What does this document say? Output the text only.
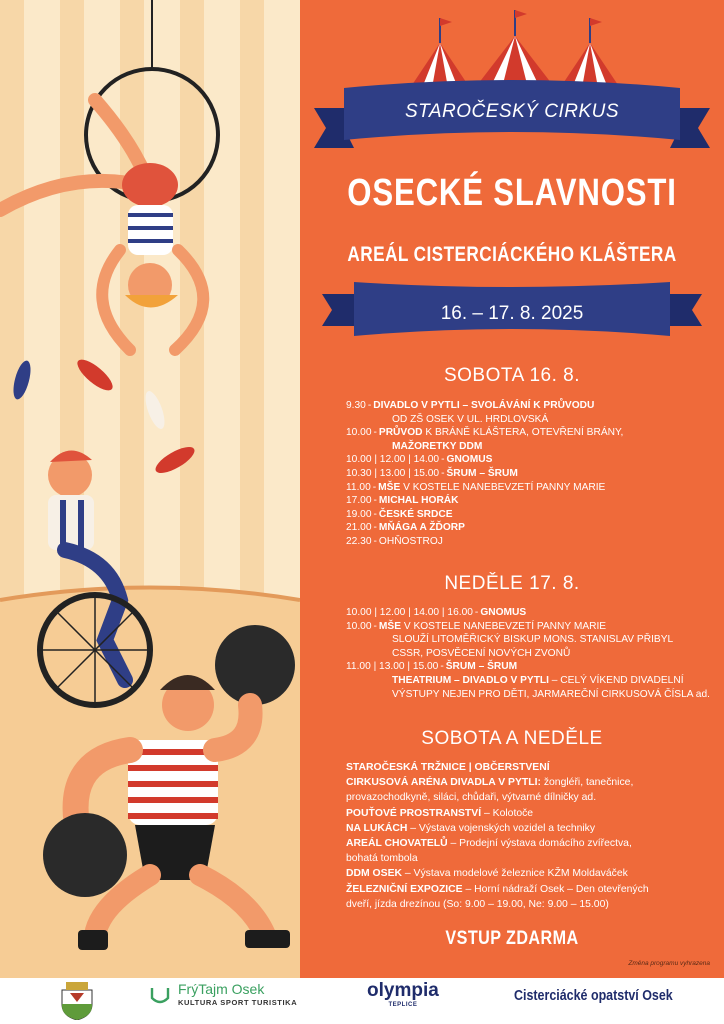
STAROČESKÝ CIRKUS
OSECKÉ SLAVNOSTI
AREÁL CISTERCIÁCKÉHO KLÁŠTERA
16. – 17. 8. 2025
SOBOTA 16. 8.
9.30 - DIVADLO V PYTLI – SVOLÁVÁNÍ K PRŮVODU
OD ZŠ OSEK V UL. HRDLOVSKÁ
10.00 - PRŮVOD K BRÁNĚ KLÁŠTERA, OTEVŘENÍ BRÁNY,
MAŽORETKY DDM
10.00 | 12.00 | 14.00 - GNOMUS
10.30 | 13.00 | 15.00 - ŠRUM – ŠRUM
11.00 - MŠE V KOSTELE NANEBEVZETÍ PANNY MARIE
17.00 - MICHAL HORÁK
19.00 - ČESKÉ SRDCE
21.00 - MŇÁGA A ŽĎORP
22.30 - OHŇOSTROJ
NEDĚLE 17. 8.
10.00 | 12.00 | 14.00 | 16.00 - GNOMUS
10.00 - MŠE V KOSTELE NANEBEVZETÍ PANNY MARIE
SLOUŽÍ LITOMĚŘICKÝ BISKUP MONS. STANISLAV PŘIBYL
CSSR, POSVĚCENÍ NOVÝCH ZVONŮ
11.00 | 13.00 | 15.00 - ŠRUM – ŠRUM
THEATRIUM – DIVADLO V PYTLI – CELÝ VÍKEND DIVADELNÍ
VÝSTUPY NEJEN PRO DĚTI, JARMAREČNÍ CIRKUSOVÁ ČÍSLA ad.
SOBOTA A NEDĚLE
STAROČESKÁ TRŽNICE | OBČERSTVENÍ
CIRKUSOVÁ ARÉNA DIVADLA V PYTLI: žongléři, tanečnice,
provazochodkyně, siláci, chůdaři, výtvarné dílničky ad.
POUŤOVÉ PROSTRANSTVÍ – Kolotoče
NA LUKÁCH – Výstava vojenských vozidel a techniky
AREÁL CHOVATELŮ – Prodejní výstava domácího zvířectva,
bohatá tombola
DDM OSEK – Výstava modelové železnice KŽM Moldaváček
ŽELEZNIČNÍ EXPOZICE – Horní nádraží Osek – Den otevřených
dveří, jízda drezínou (So: 9.00 – 19.00, Ne: 9.00 – 15.00)
VSTUP ZDARMA
Změna programu vyhrazena
FrýTajm Osek
KULTURA SPORT TURISTIKA
olympia
TEPLICE
Cisterciácké opatství Osek
